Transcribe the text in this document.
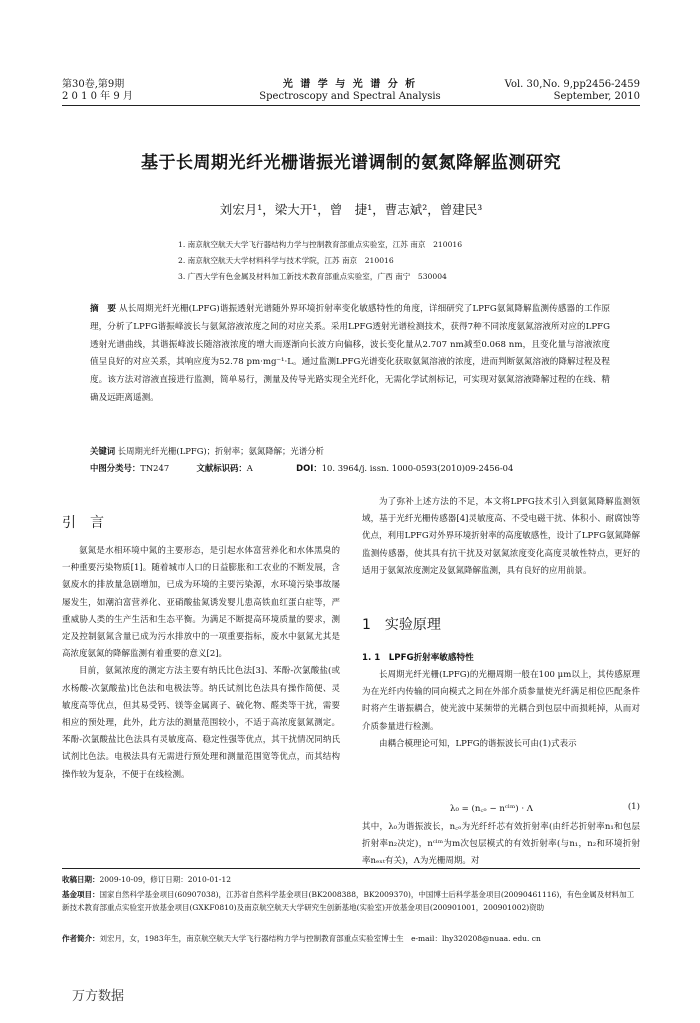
第30卷,第9期
2 0 1 0 年 9 月
光 谱 学 与 光 谱 分 析
Spectroscopy and Spectral Analysis
Vol. 30,No. 9,pp2456-2459
September, 2010
基于长周期光纤光栅谐振光谱调制的氨氮降解监测研究
刘宏月¹，梁大开¹，曾　捷¹，曹志斌²，曾建民³
1. 南京航空航天大学飞行器结构力学与控制教育部重点实验室，江苏 南京　210016
2. 南京航空航天大学材料科学与技术学院，江苏 南京　210016
3. 广西大学有色金属及材料加工新技术教育部重点实验室，广西 南宁　530004
摘　要 从长周期光纤光栅(LPFG)谐振透射光谱随外界环境折射率变化敏感特性的角度，详细研究了LPFG氨氮降解监测传感器的工作原理，分析了LPFG谐振峰波长与氨氮溶液浓度之间的对应关系。采用LPFG透射光谱检测技术，获得7种不同浓度氨氮溶液所对应的LPFG透射光谱曲线，其谐振峰波长随溶液浓度的增大而逐渐向长波方向偏移，波长变化量从2.707 nm减至0.068 nm，且变化量与溶液浓度值呈良好的对应关系，其响应度为52.78 pm·mg⁻¹·L。通过监测LPFG光谱变化获取氨氮溶液的浓度，进而判断氨氮溶液的降解过程及程度。该方法对溶液直接进行监测，简单易行，测量及传导光路实现全光纤化，无需化学试剂标记，可实现对氨氮溶液降解过程的在线、精确及远距离遥测。
关键词 长周期光纤光栅(LPFG)；折射率；氨氮降解；光谱分析
中图分类号：TN247	文献标识码：A	DOI：10. 3964/j. issn. 1000-0593(2010)09-2456-04
引　言

氨氮是水相环境中氮的主要形态，是引起水体富营养化和水体黑臭的一种重要污染物质[1]。随着城市人口的日益膨胀和工农业的不断发展，含氨废水的排放量急剧增加，已成为环境的主要污染源，水环境污染事故屡屡发生，如潮泊富营养化、亚硝酸盐氮诱发婴儿患高铁血红蛋白症等，严重威胁人类的生产生活和生态平衡。为满足不断提高环境质量的要求，测定及控制氨氮含量已成为污水排放中的一项重要指标，废水中氨氮尤其是高浓度氨氮的降解监测有着重要的意义[2]。

目前，氨氮浓度的测定方法主要有纳氏比色法[3]、苯酚-次氯酸盐(或水杨酸-次氯酸盐)比色法和电极法等。纳氏试剂比色法具有操作简便、灵敏度高等优点，但其易受钙、镁等金属离子、硫化物、醛类等干扰，需要相应的预处理，此外，此方法的测量范围较小，不适于高浓度氨氮测定。苯酚-次氯酸盐比色法具有灵敏度高、稳定性强等优点，其干扰情况同纳氏试剂比色法。电极法具有无需进行预处理和测量范围宽等优点，而其结构操作较为复杂，不便于在线检测。

为了弥补上述方法的不足，本文将LPFG技术引入到氨氮降解监测领域，基于光纤光栅传感器[4]灵敏度高、不受电磁干扰、体积小、耐腐蚀等优点，利用LPFG对外界环境折射率的高度敏感性，设计了LPFG氨氮降解监测传感器，使其具有抗干扰及对氨氮浓度变化高度灵敏性特点，更好的适用于氨氮浓度测定及氨氮降解监测，具有良好的应用前景。

1　实验原理
1. 1　LPFG折射率敏感特性

长周期光纤光栅(LPFG)的光栅周期一般在100 μm以上，其传感原理为在光纤内传输的同向模式之间在外部介质参量使光纤满足相位匹配条件时将产生谐振耦合，使光波中某频带的光耦合到包层中而损耗掉，从而对介质参量进行检测。

由耦合模理论可知，LPFG的谐振波长可由(1)式表示

λ₀ = (n꜀ₒ − nᶜˡᵐ) · Λ	(1)

其中，λ₀为谐振波长，n꜀ₒ为光纤纤芯有效折射率(由纤芯折射率n₁和包层折射率n₂决定)，nᶜˡᵐ为m次包层模式的有效折射率(与n₁，n₂和环境折射率nₑₓₜ有关)，Λ为光栅周期。对

收稿日期：2009-10-09，修订日期：2010-01-12
基金项目：国家自然科学基金项目(60907038)，江苏省自然科学基金项目(BK2008388，BK2009370)，中国博士后科学基金项目(20090461116)，有色金属及材料加工新技术教育部重点实验室开放基金项目(GXKF0810)及南京航空航天大学研究生创新基地(实验室)开放基金项目(200901001，200901002)资助
作者简介：刘宏月，女，1983年生，南京航空航天大学飞行器结构力学与控制教育部重点实验室博士生　e-mail：lhy320208@nuaa. edu. cn
万方数据
